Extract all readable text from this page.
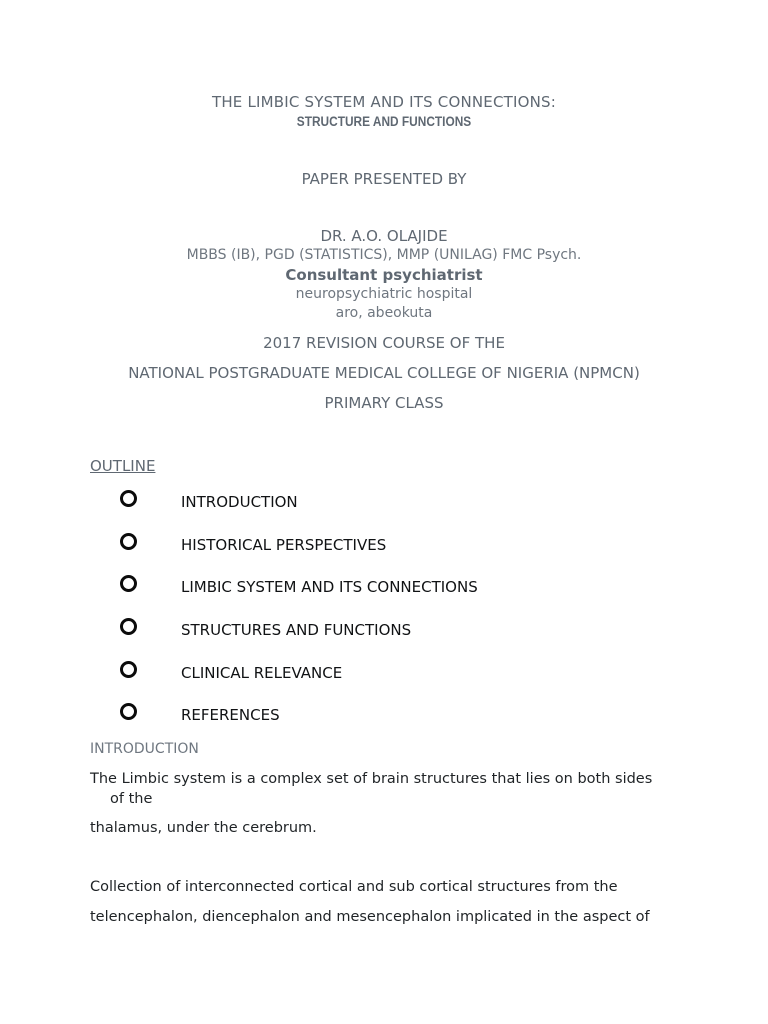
THE LIMBIC SYSTEM AND ITS CONNECTIONS:
STRUCTURE AND FUNCTIONS
PAPER PRESENTED BY
DR. A.O. OLAJIDE
MBBS (IB), PGD (STATISTICS), MMP (UNILAG) FMC Psych.
Consultant psychiatrist
neuropsychiatric hospital
aro, abeokuta
2017 REVISION COURSE OF THE
NATIONAL POSTGRADUATE MEDICAL COLLEGE OF NIGERIA (NPMCN)
PRIMARY CLASS
OUTLINE
INTRODUCTION
HISTORICAL PERSPECTIVES
LIMBIC SYSTEM AND ITS CONNECTIONS
STRUCTURES AND FUNCTIONS
CLINICAL RELEVANCE
REFERENCES
INTRODUCTION
The Limbic system is a complex set of brain structures that lies on both sides
of the
thalamus, under the cerebrum.
Collection of interconnected cortical and sub cortical structures from the
telencephalon, diencephalon and mesencephalon implicated in the aspect of
